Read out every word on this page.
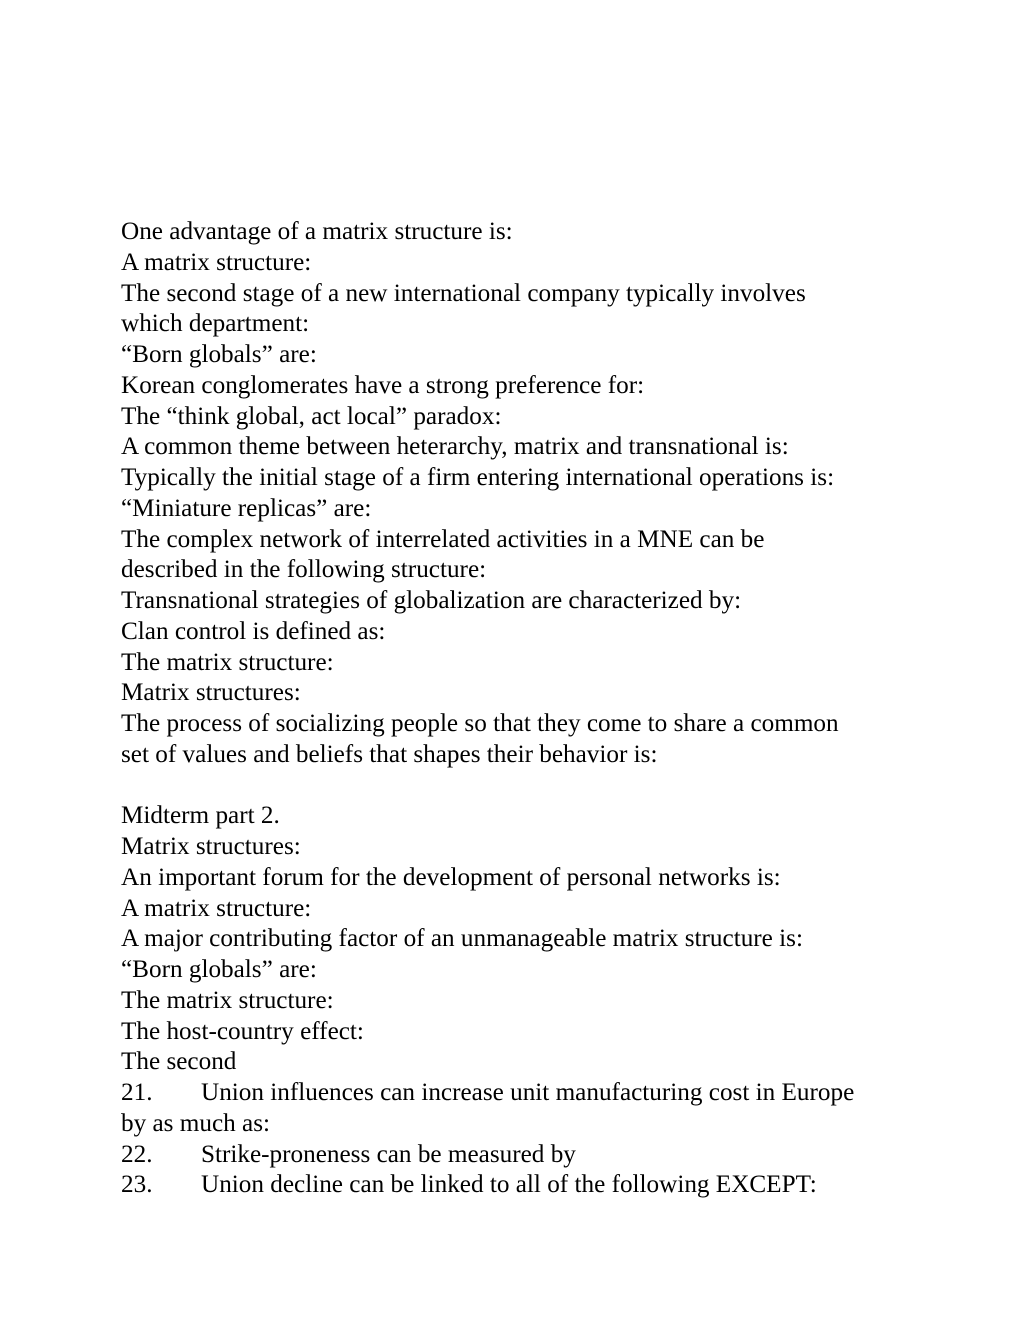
One advantage of a matrix structure is:
A matrix structure:
The second stage of a new international company typically involves
which department:
“Born globals” are:
Korean conglomerates have a strong preference for:
The “think global, act local” paradox:
A common theme between heterarchy, matrix and transnational is:
Typically the initial stage of a firm entering international operations is:
“Miniature replicas” are:
The complex network of interrelated activities in a MNE can be
described in the following structure:
Transnational strategies of globalization are characterized by:
Clan control is defined as:
The matrix structure:
Matrix structures:
The process of socializing people so that they come to share a common
set of values and beliefs that shapes their behavior is:
Midterm part 2.
Matrix structures:
An important forum for the development of personal networks is:
A matrix structure:
A major contributing factor of an unmanageable matrix structure is:
“Born globals” are:
The matrix structure:
The host-country effect:
The second
21.	Union influences can increase unit manufacturing cost in Europe
by as much as:
22.	Strike-proneness can be measured by
23.	Union decline can be linked to all of the following EXCEPT:
